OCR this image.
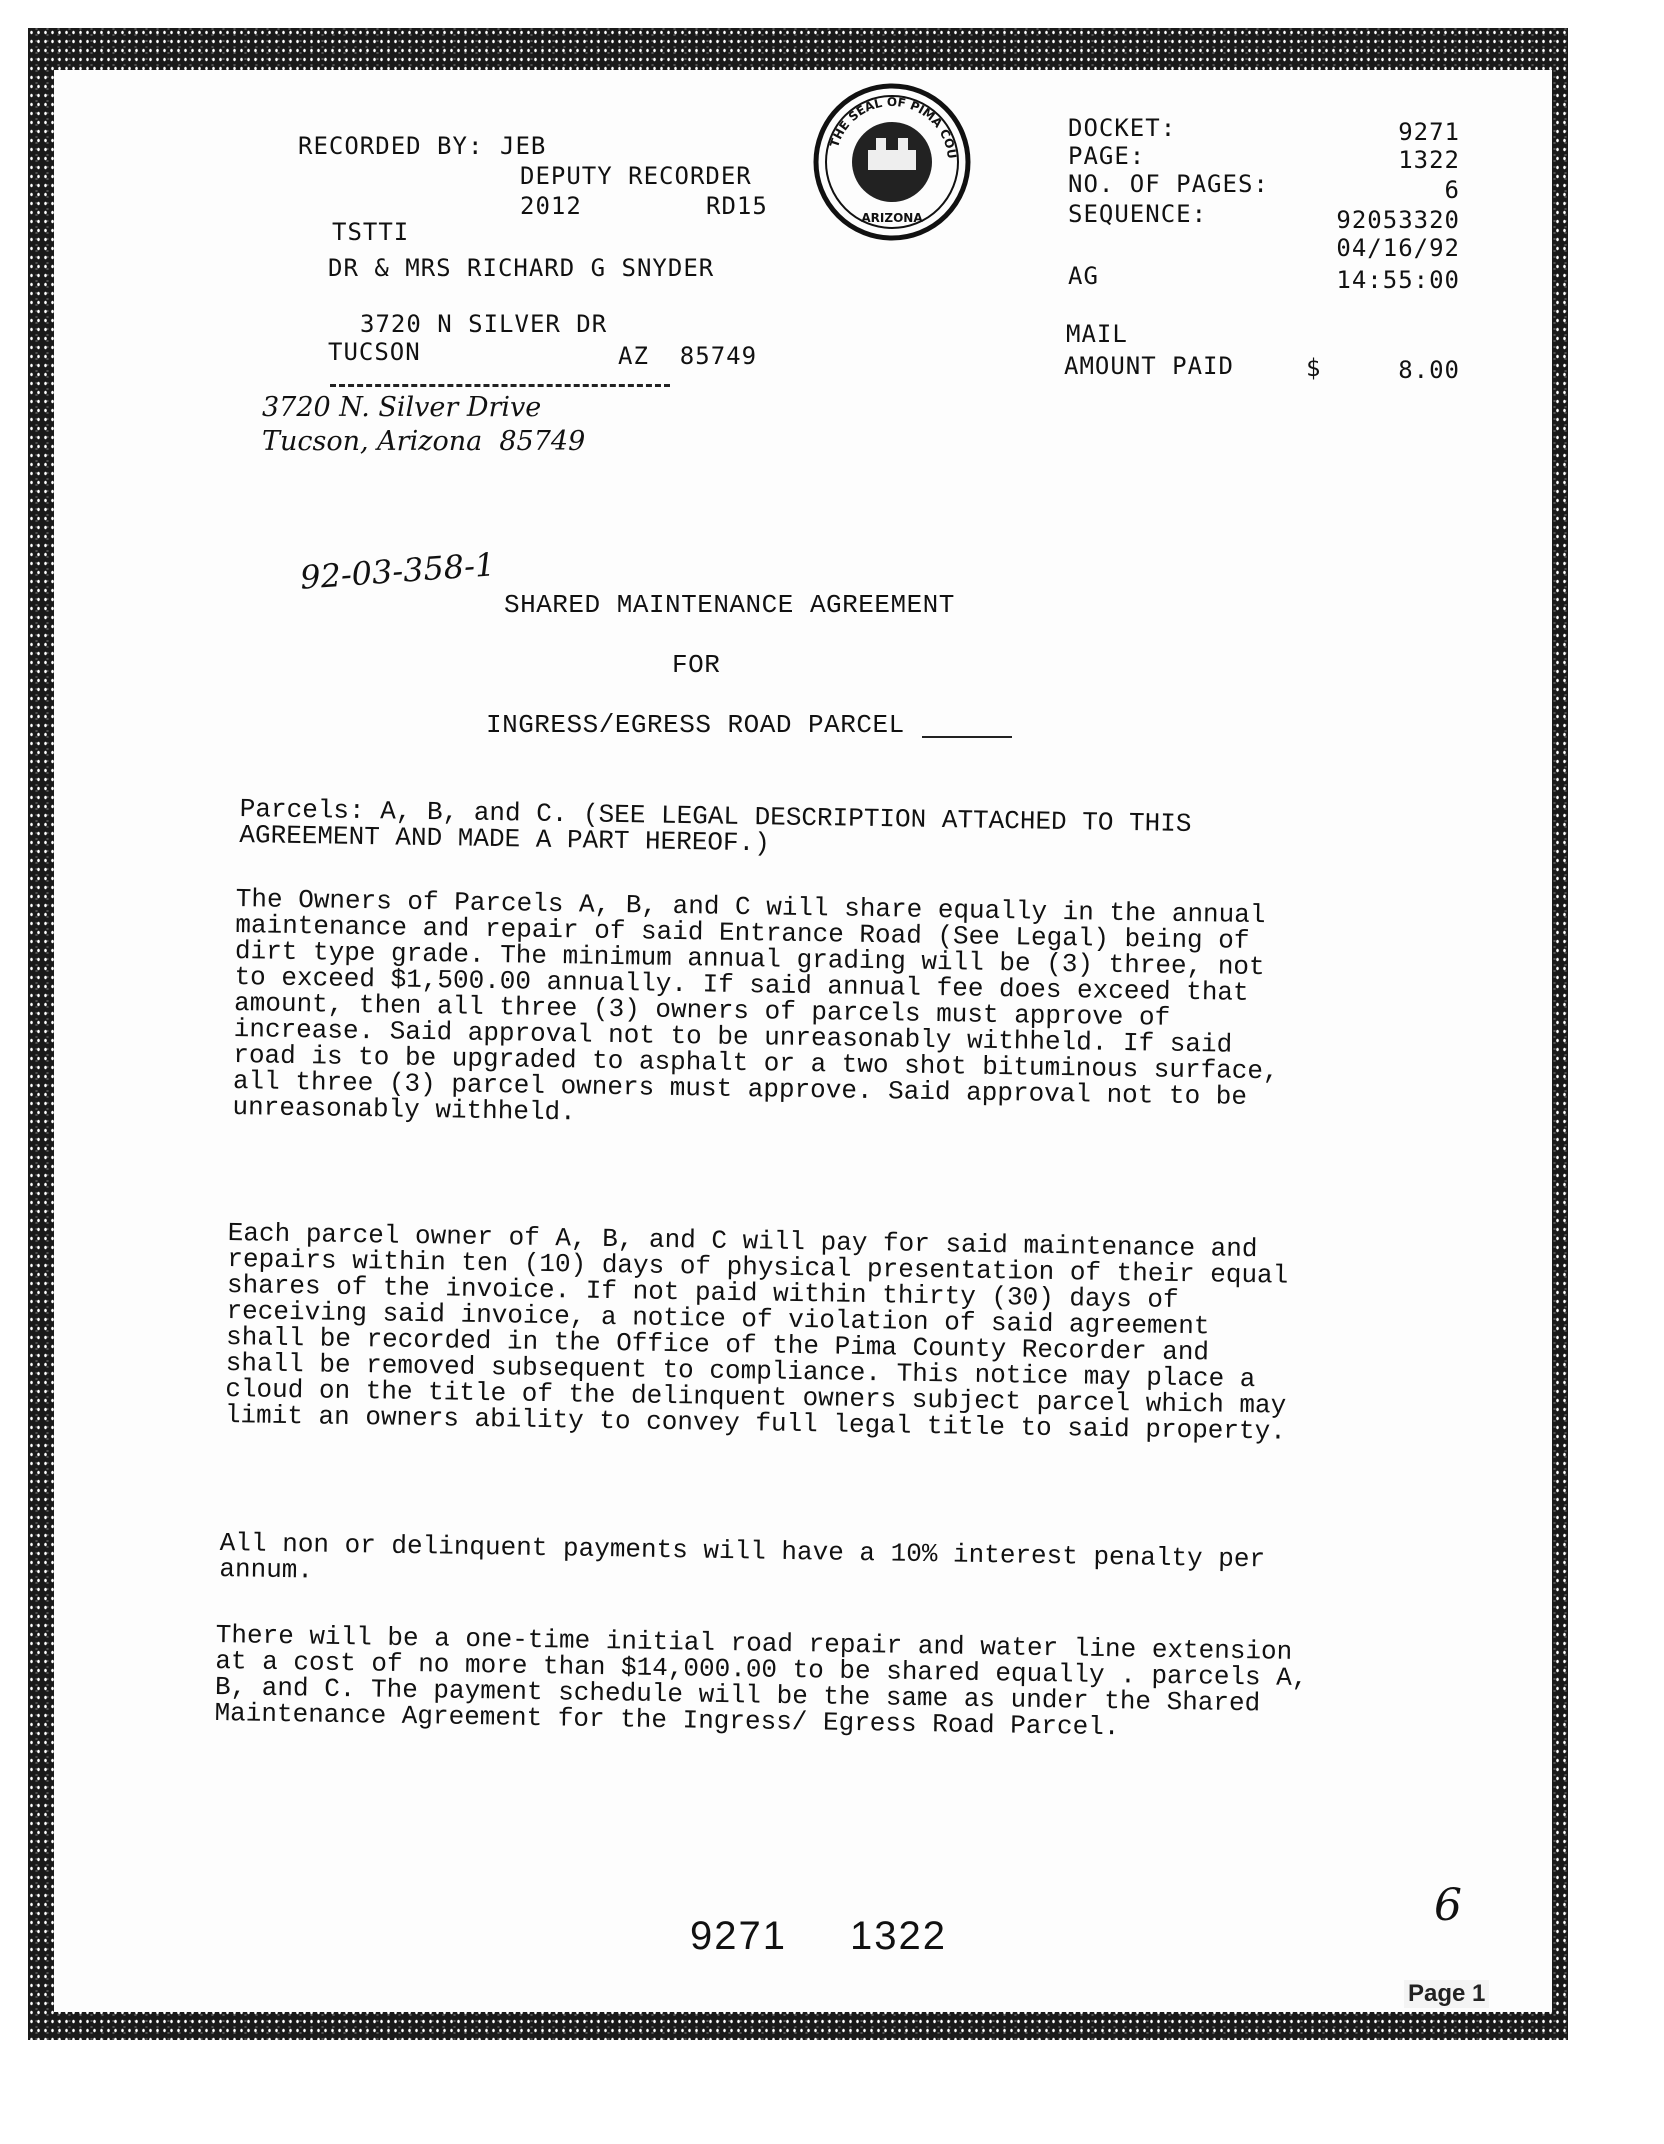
RECORDED BY: JEB
DEPUTY RECORDER
2012	RD15
TSTTI
DR & MRS RICHARD G SNYDER
3720 N SILVER DR
TUCSON	AZ  85749
3720 N. Silver Drive
Tucson, Arizona  85749
THE SEAL OF PIMA COU
ARIZONA
DOCKET:	9271
PAGE:	1322
NO. OF PAGES:	6
SEQUENCE:	92053320
04/16/92
AG	14:55:00
MAIL
AMOUNT PAID	$	8.00
92-03-358-1
SHARED MAINTENANCE AGREEMENT
FOR
INGRESS/EGRESS ROAD PARCEL
Parcels: A, B, and C. (SEE LEGAL DESCRIPTION ATTACHED TO THIS AGREEMENT AND MADE A PART HEREOF.)
The Owners of Parcels A, B, and C will share equally in the annual maintenance and repair of said Entrance Road (See Legal) being of dirt type grade. The minimum annual grading will be (3) three, not to exceed $1,500.00 annually. If said annual fee does exceed that amount, then all three (3) owners of parcels must approve of increase. Said approval not to be unreasonably withheld. If said road is to be upgraded to asphalt or a two shot bituminous surface, all three (3) parcel owners must approve. Said approval not to be unreasonably withheld.
Each parcel owner of A, B, and C will pay for said maintenance and repairs within ten (10) days of physical presentation of their equal shares of the invoice. If not paid within thirty (30) days of receiving said invoice, a notice of violation of said agreement shall be recorded in the Office of the Pima County Recorder and shall be removed subsequent to compliance. This notice may place a cloud on the title of the delinquent owners subject parcel which may limit an owners ability to convey full legal title to said property.
All non or delinquent payments will have a 10% interest penalty per annum.
There will be a one-time initial road repair and water line extension at a cost of no more than $14,000.00 to be shared equally . parcels A, B, and C. The payment schedule will be the same as under the Shared Maintenance Agreement for the Ingress/ Egress Road Parcel.
9271 1322
6
Page 1
